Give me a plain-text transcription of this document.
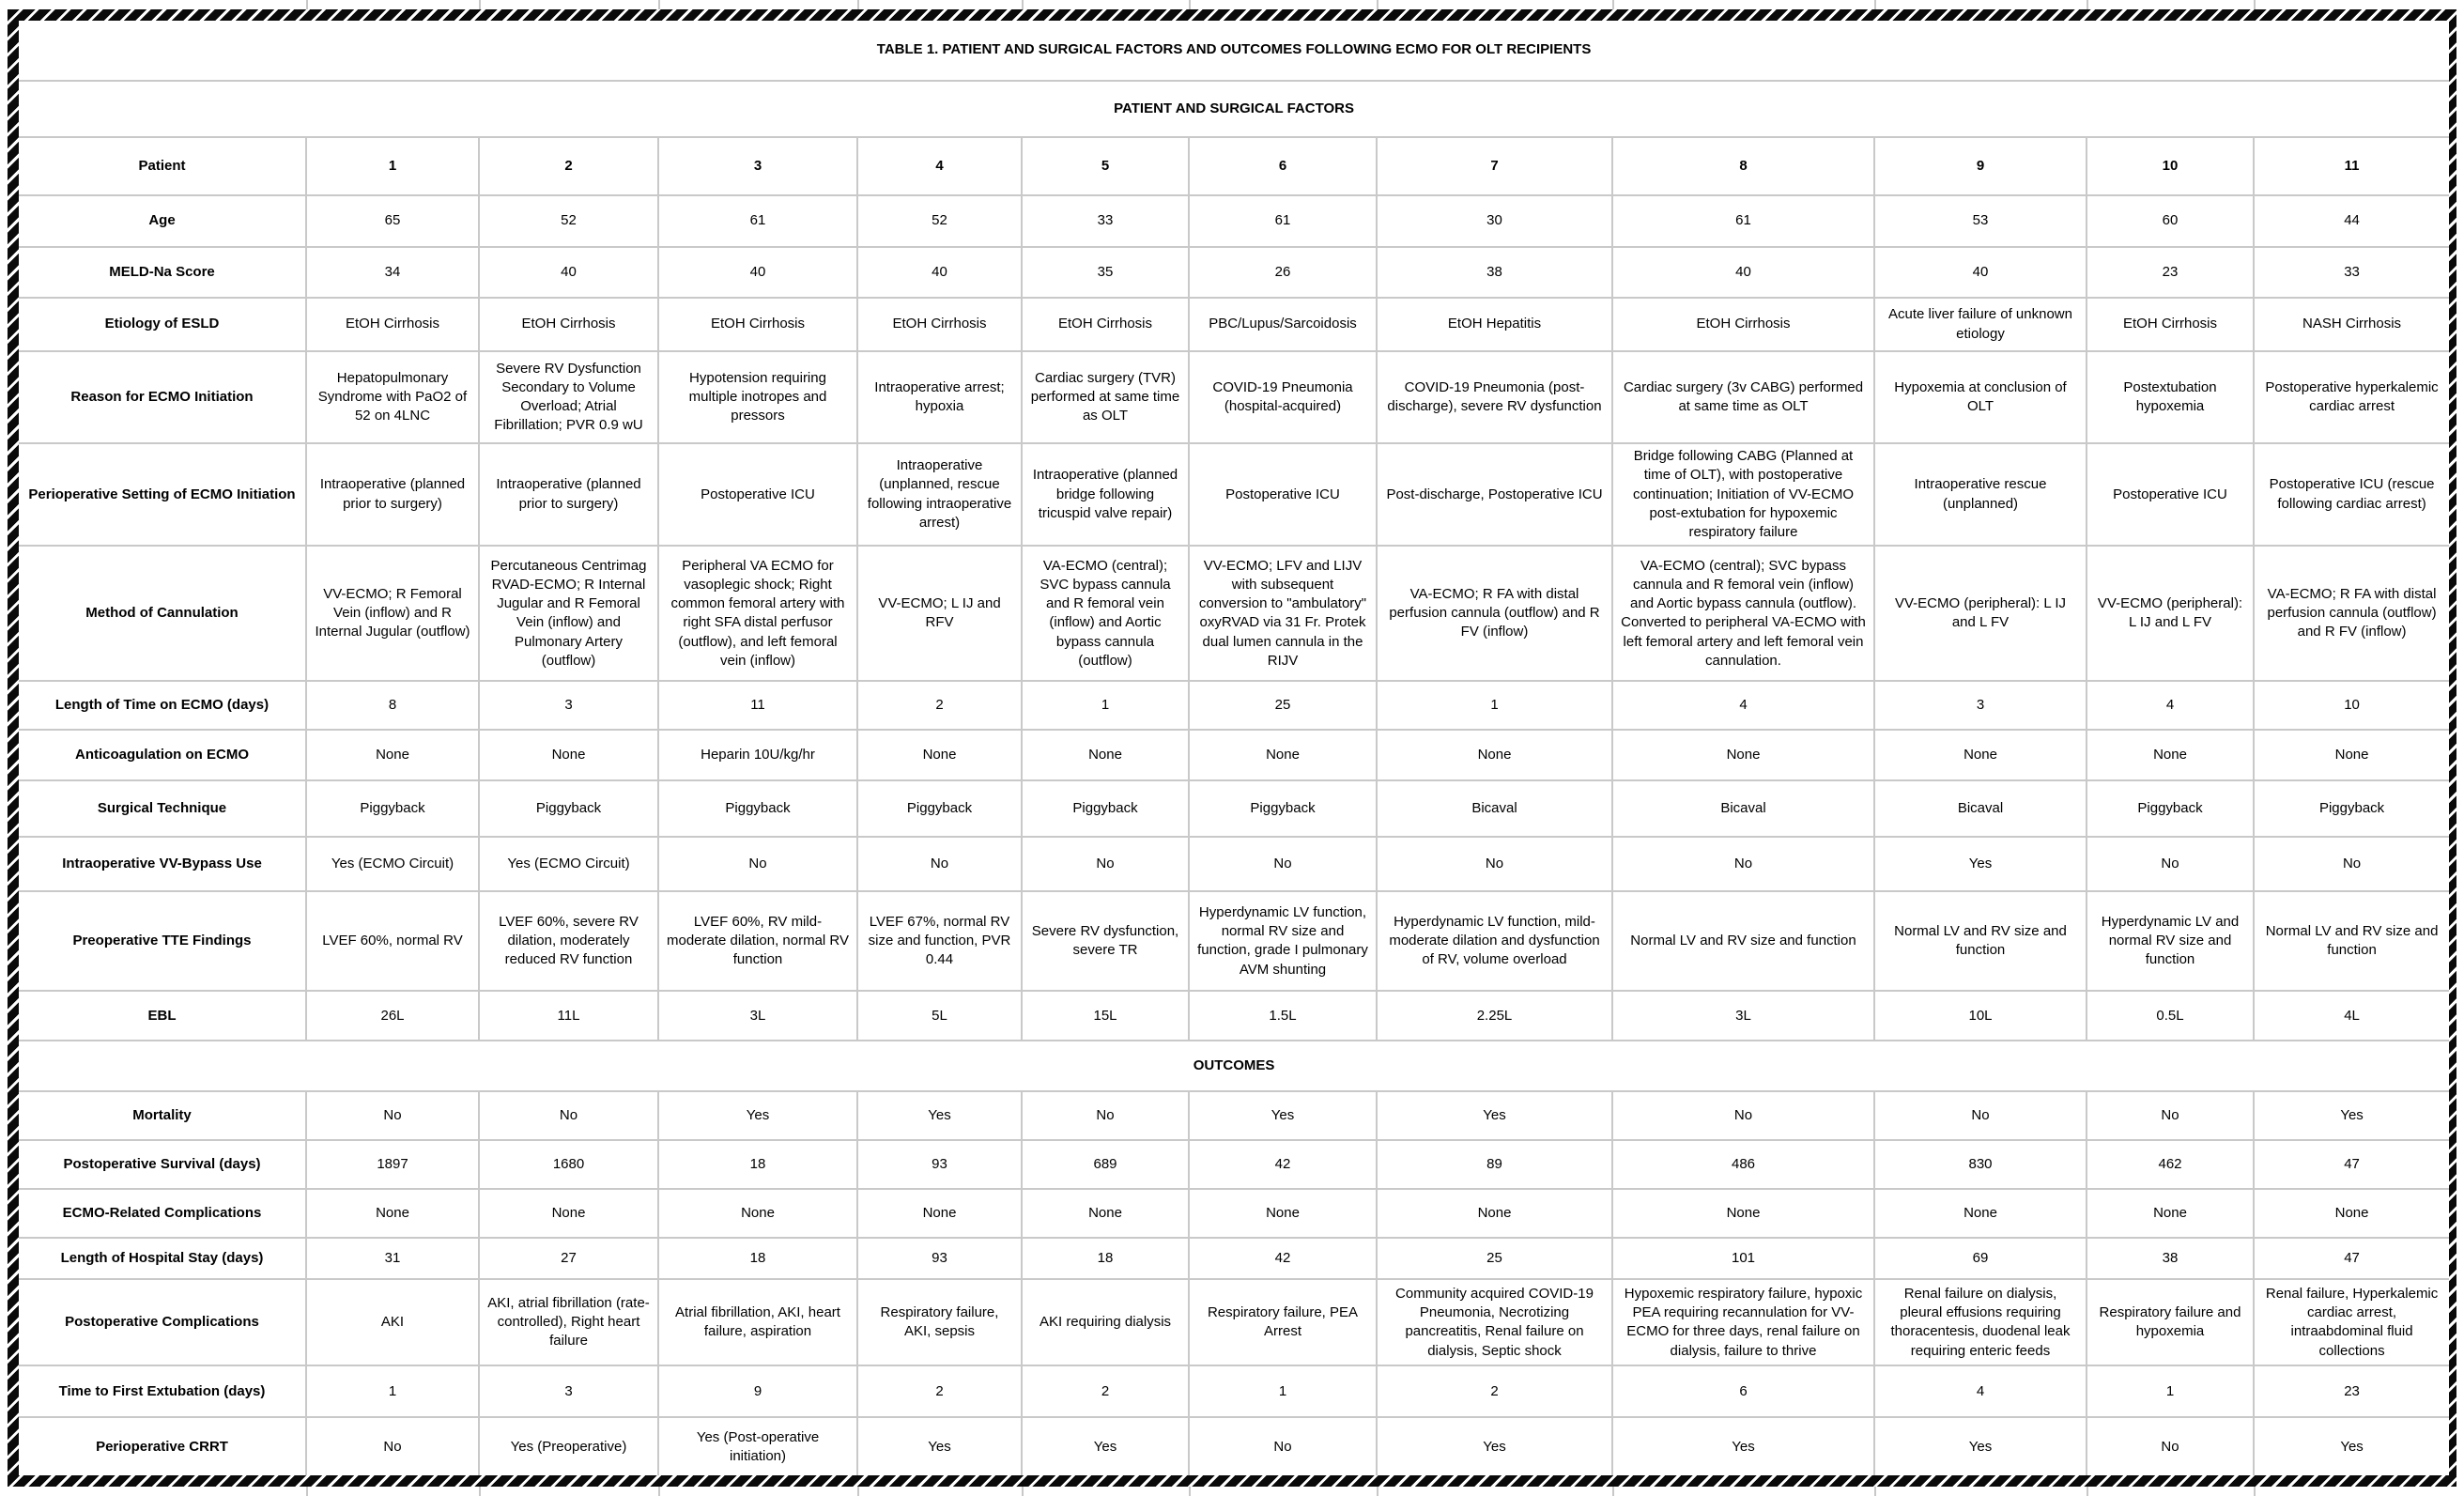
TABLE 1. PATIENT AND SURGICAL FACTORS AND OUTCOMES FOLLOWING ECMO FOR OLT RECIPIENTS											
PATIENT AND SURGICAL FACTORS											
Patient	1	2	3	4	5	6	7	8	9	10	11
Age	65	52	61	52	33	61	30	61	53	60	44
MELD-Na Score	34	40	40	40	35	26	38	40	40	23	33
Etiology of ESLD	EtOH Cirrhosis	EtOH Cirrhosis	EtOH Cirrhosis	EtOH Cirrhosis	EtOH Cirrhosis	PBC/Lupus/Sarcoidosis	EtOH Hepatitis	EtOH Cirrhosis	Acute liver failure of unknown etiology	EtOH Cirrhosis	NASH Cirrhosis
Reason for ECMO Initiation	Hepatopulmonary Syndrome with PaO2 of 52 on 4LNC	Severe RV Dysfunction Secondary to Volume Overload; Atrial Fibrillation; PVR 0.9 wU	Hypotension requiring multiple inotropes and pressors	Intraoperative arrest; hypoxia	Cardiac surgery (TVR) performed at same time as OLT	COVID-19 Pneumonia (hospital-acquired)	COVID-19 Pneumonia (post-discharge), severe RV dysfunction	Cardiac surgery (3v CABG) performed at same time as OLT	Hypoxemia at conclusion of OLT	Postextubation hypoxemia	Postoperative hyperkalemic cardiac arrest
Perioperative Setting of ECMO Initiation	Intraoperative (planned prior to surgery)	Intraoperative (planned prior to surgery)	Postoperative ICU	Intraoperative (unplanned, rescue following intraoperative arrest)	Intraoperative (planned bridge following tricuspid valve repair)	Postoperative ICU	Post-discharge, Postoperative ICU	Bridge following CABG (Planned at time of OLT), with postoperative continuation; Initiation of VV-ECMO post-extubation for hypoxemic respiratory failure	Intraoperative rescue (unplanned)	Postoperative ICU	Postoperative ICU (rescue following cardiac arrest)
Method of Cannulation	VV-ECMO; R Femoral Vein (inflow) and R Internal Jugular (outflow)	Percutaneous Centrimag RVAD-ECMO; R Internal Jugular and R Femoral Vein (inflow) and Pulmonary Artery (outflow)	Peripheral VA ECMO for vasoplegic shock; Right common femoral artery with right SFA distal perfusor (outflow), and left femoral vein (inflow)	VV-ECMO; L IJ and RFV	VA-ECMO (central); SVC bypass cannula and R femoral vein (inflow) and Aortic bypass cannula (outflow)	VV-ECMO; LFV and LIJV with subsequent conversion to "ambulatory" oxyRVAD via 31 Fr. Protek dual lumen cannula in the RIJV	VA-ECMO; R FA with distal perfusion cannula (outflow) and R FV (inflow)	VA-ECMO (central); SVC bypass cannula and R femoral vein (inflow) and Aortic bypass cannula (outflow). Converted to peripheral VA-ECMO with left femoral artery and left femoral vein cannulation.	VV-ECMO (peripheral): L IJ and L FV	VV-ECMO (peripheral): L IJ and L FV	VA-ECMO; R FA with distal perfusion cannula (outflow) and R FV (inflow)
Length of Time on ECMO (days)	8	3	11	2	1	25	1	4	3	4	10
Anticoagulation on ECMO	None	None	Heparin 10U/kg/hr	None	None	None	None	None	None	None	None
Surgical Technique	Piggyback	Piggyback	Piggyback	Piggyback	Piggyback	Piggyback	Bicaval	Bicaval	Bicaval	Piggyback	Piggyback
Intraoperative VV-Bypass Use	Yes (ECMO Circuit)	Yes (ECMO Circuit)	No	No	No	No	No	No	Yes	No	No
Preoperative TTE Findings	LVEF 60%, normal RV	LVEF 60%, severe RV dilation, moderately reduced RV function	LVEF 60%, RV mild-moderate dilation, normal RV function	LVEF 67%, normal RV size and function, PVR 0.44	Severe RV dysfunction, severe TR	Hyperdynamic LV function, normal RV size and function, grade I pulmonary AVM shunting	Hyperdynamic LV function, mild-moderate dilation and dysfunction of RV, volume overload	Normal LV and RV size and function	Normal LV and RV size and function	Hyperdynamic LV and normal RV size and function	Normal LV and RV size and function
EBL	26L	11L	3L	5L	15L	1.5L	2.25L	3L	10L	0.5L	4L
OUTCOMES											
Mortality	No	No	Yes	Yes	No	Yes	Yes	No	No	No	Yes
Postoperative Survival (days)	1897	1680	18	93	689	42	89	486	830	462	47
ECMO-Related Complications	None	None	None	None	None	None	None	None	None	None	None
Length of Hospital Stay (days)	31	27	18	93	18	42	25	101	69	38	47
Postoperative Complications	AKI	AKI, atrial fibrillation (rate-controlled), Right heart failure	Atrial fibrillation, AKI, heart failure, aspiration	Respiratory failure, AKI, sepsis	AKI requiring dialysis	Respiratory failure, PEA Arrest	Community acquired COVID-19 Pneumonia, Necrotizing pancreatitis, Renal failure on dialysis, Septic shock	Hypoxemic respiratory failure, hypoxic PEA requiring recannulation for VV-ECMO for three days, renal failure on dialysis, failure to thrive	Renal failure on dialysis, pleural effusions requiring thoracentesis, duodenal leak requiring enteric feeds	Respiratory failure and hypoxemia	Renal failure, Hyperkalemic cardiac arrest, intraabdominal fluid collections
Time to First Extubation (days)	1	3	9	2	2	1	2	6	4	1	23
Perioperative CRRT	No	Yes (Preoperative)	Yes (Post-operative initiation)	Yes	Yes	No	Yes	Yes	Yes	No	Yes
